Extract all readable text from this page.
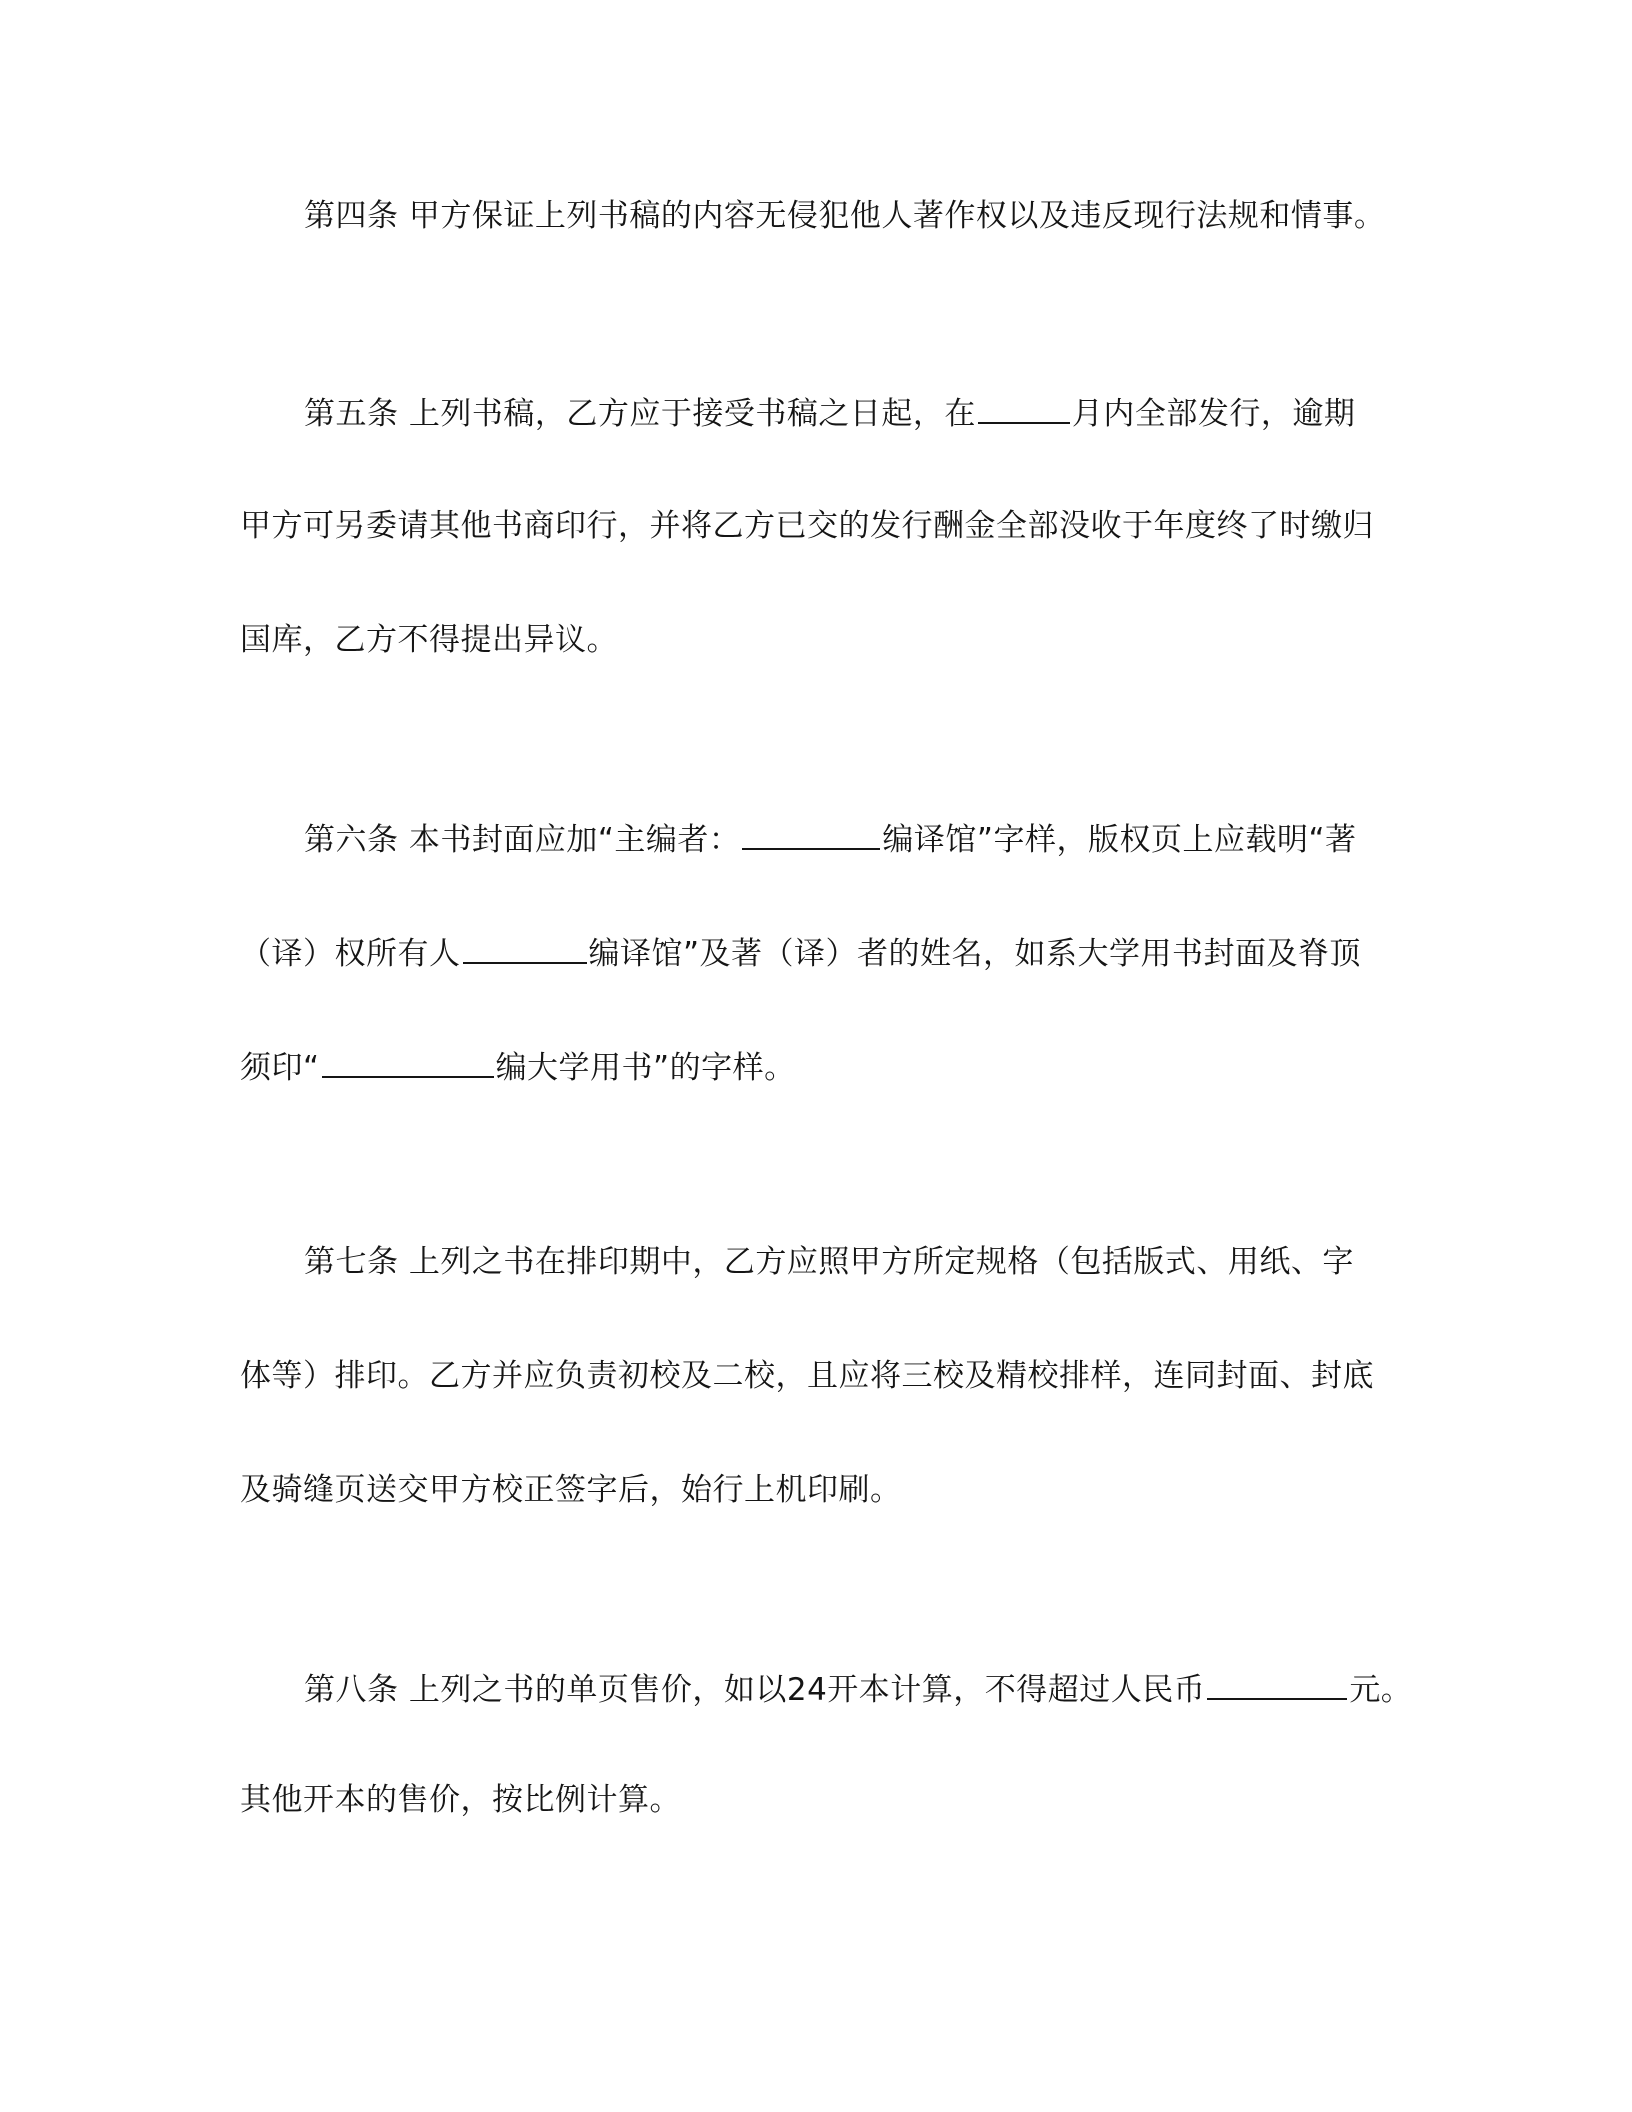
第四条 甲方保证上列书稿的内容无侵犯他人著作权以及违反现行法规和情事。
第五条 上列书稿，乙方应于接受书稿之日起，在	月内全部发行，逾期
甲方可另委请其他书商印行，并将乙方已交的发行酬金全部没收于年度终了时缴归
国库，乙方不得提出异议。
第六条 本书封面应加“主编者：	编译馆”字样，版权页上应载明“著
（译）权所有人	编译馆”及著（译）者的姓名，如系大学用书封面及脊顶
须印“	编大学用书”的字样。
第七条 上列之书在排印期中，乙方应照甲方所定规格（包括版式、用纸、字
体等）排印。乙方并应负责初校及二校，且应将三校及精校排样，连同封面、封底
及骑缝页送交甲方校正签字后，始行上机印刷。
第八条 上列之书的单页售价，如以24开本计算，不得超过人民币	元。
其他开本的售价，按比例计算。
